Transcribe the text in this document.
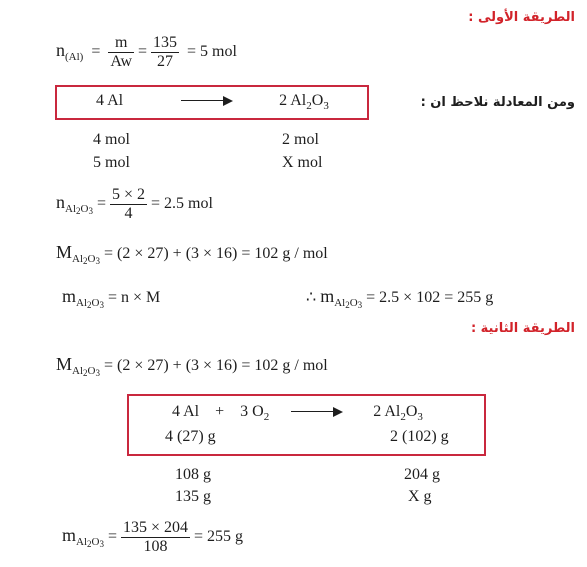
الطريقة الأولى :
$n_{(Al)} = \frac{m}{Aw} = \frac{135}{27} = 5$ mol
4 Al	2 $Al_2O_3$	ومن المعادلة نلاحظ ان :
4 mol	2 mol
5 mol	X mol
$n_{Al2O3} = \frac{5 \times 2}{4} = 2.5$ mol
$M_{Al2O3} = (2 \times 27) + (3 \times 16) = 102$ g / mol
$m_{Al2O3} = n \times M$	∴ $m_{Al2O3} = 2.5 \times 102 = 255$ g
الطريقة الثانية :
$M_{Al2O3} = (2 \times 27) + (3 \times 16) = 102$ g / mol
4 Al + 3 $O_2$	2 $Al_2O_3$
4 (27) g	2 (102) g
108 g	204 g
135 g	X g
$m_{Al2O3} = \frac{135 \times 204}{108} = 255$ g
